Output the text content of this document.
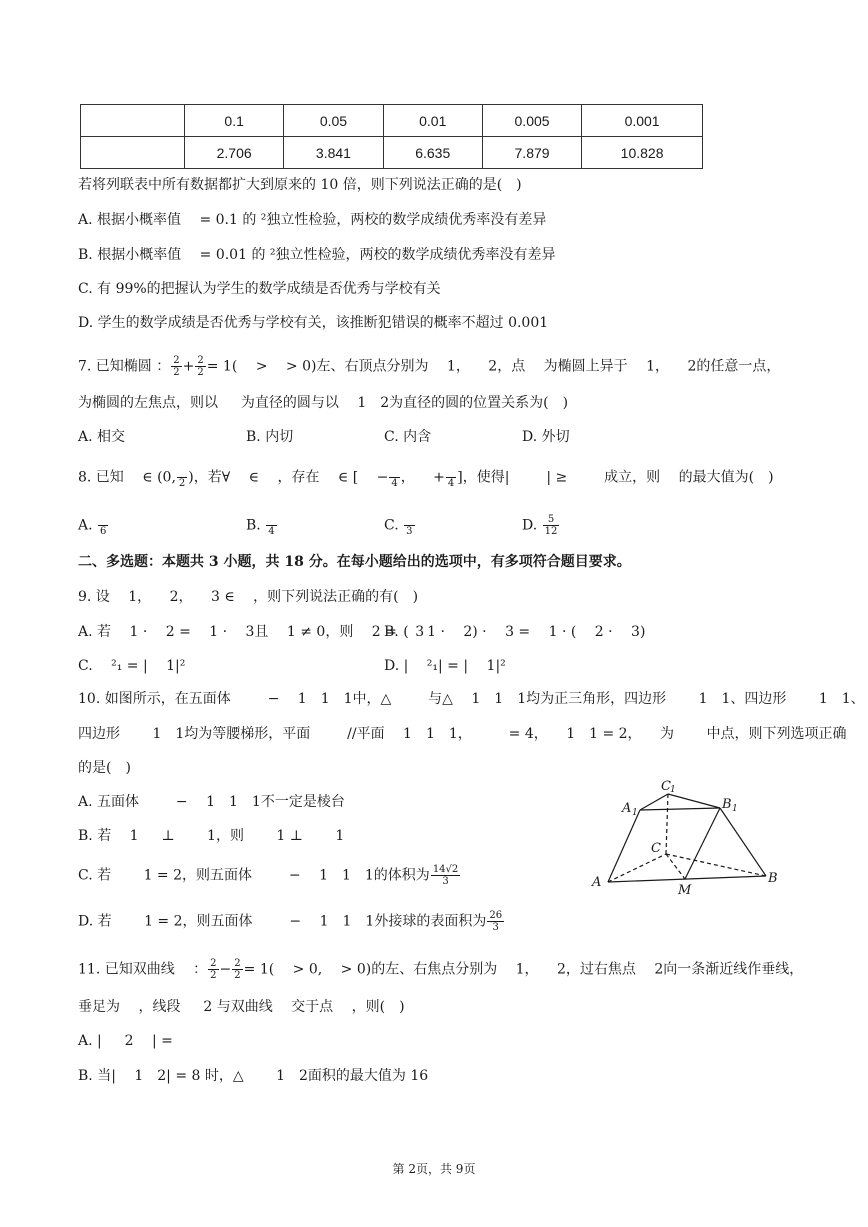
	0.1	0.05	0.01	0.005	0.001
	2.706	3.841	6.635	7.879	10.828
若将列联表中所有数据都扩大到原来的 10 倍，则下列说法正确的是(　)
A. 根据小概率值 　= 0.1 的 ²独立性检验，两校的数学成绩优秀率没有差异
B. 根据小概率值 　= 0.01 的 ²独立性检验，两校的数学成绩优秀率没有差异
C. 有 99%的把握认为学生的数学成绩是否优秀与学校有关
D. 学生的数学成绩是否优秀与学校有关，该推断犯错误的概率不超过 0.001
7. 已知椭圆 ： $\frac{2}{2} + \frac{2}{2} = 1$( 　> 　> 0)左、右顶点分别为 　1， 　2，点 　为椭圆上异于 　1， 　2的任意一点，
为椭圆的左焦点，则以 　 为直径的圆与以 　1　2为直径的圆的位置关系为(　)
A. 相交	B. 内切	C. 内含	D. 外切
8. 已知 　∈ (0, 2 )，若∀ 　∈ 　，存在 　∈ [ 　− 4 ， 　+ 4 ]，使得| 　　 | ≥ 　 　成立，则 　的最大值为(　)
A. 6	B. 4	C. 3	D. $\frac{5}{12}$
二、多选题：本题共 3 小题，共 18 分。在每小题给出的选项中，有多项符合题目要求。
9. 设 　1， 　2， 　3 ∈ 　，则下列说法正确的有(　)
A. 若 　1 · 　2 = 　1 · 　3且 　1 ≠ 0，则 　2 = 　3
B. ( 　1 · 　2) · 　3 = 　1 · ( 　2 · 　3)
C. 　²₁ = | 　1|²	D. | 　²₁| = | 　1|²
10. 如图所示，在五面体 　　 − 　1　1　1中，△ 　　 与△ 　1　1　1均为正三角形，四边形 　　1　1、四边形 　　1　1、
四边形 　　1　1均为等腰梯形，平面 　　 //平面 　1　1　1， 　　 = 4， 　1　1 = 2， 　为 　　中点，则下列选项正确
的是(　)
A. 五面体 　　 − 　1　1　1不一定是棱台
B. 若 　1 　 ⊥ 　　1，则 　　1 ⊥ 　　1
C. 若 　　1 = 2，则五面体 　　 − 　1　1　1的体积为 $\frac{14√2}{3}$
D. 若 　　1 = 2，则五面体 　　 − 　1　1　1外接球的表面积为 $\frac{26}{3}$
A	B
C
M
A 1
B 1
C 1
11. 已知双曲线 　： $\frac{2}{2} - \frac{2}{2} = 1$( 　> 0, 　> 0)的左、右焦点分别为 　1， 　2，过右焦点 　2向一条渐近线作垂线，
垂足为 　，线段 　 2 与双曲线 　交于点 　，则(　)
A. | 　 2 　| = 　
B. 当| 　1　2| = 8 时，△ 　　1　2面积的最大值为 16
第 2页，共 9页
